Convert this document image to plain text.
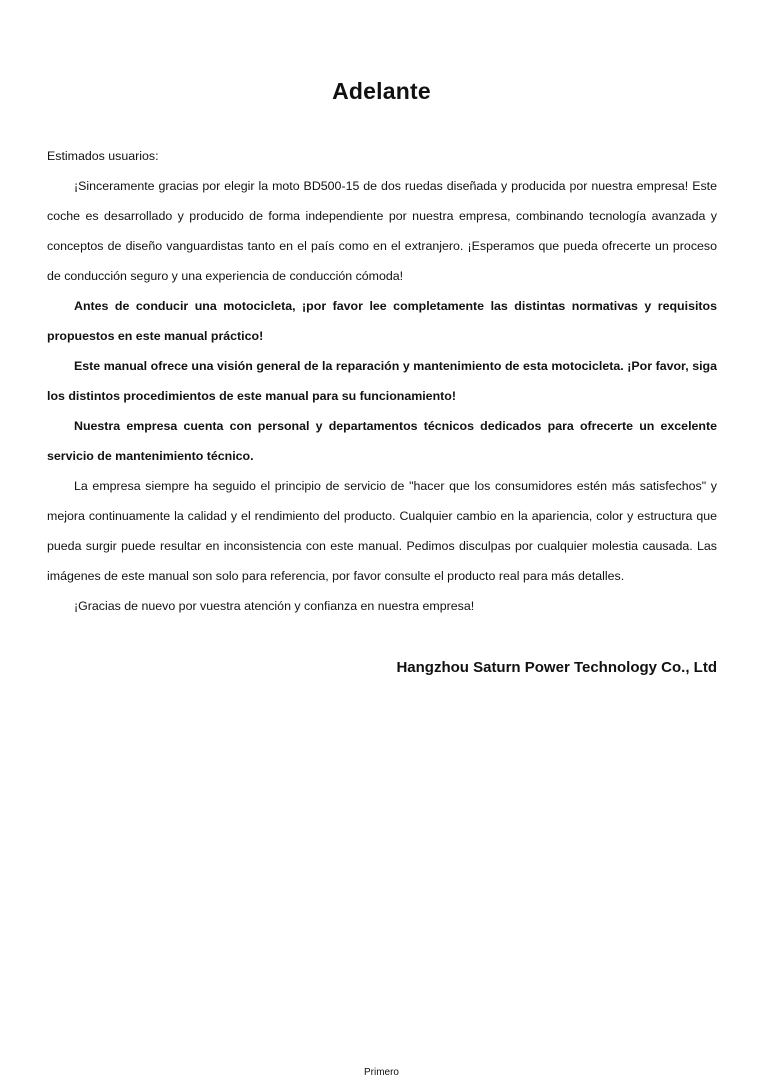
Adelante

Estimados usuarios:

¡Sinceramente gracias por elegir la moto BD500-15 de dos ruedas diseñada y producida por nuestra empresa! Este coche es desarrollado y producido de forma independiente por nuestra empresa, combinando tecnología avanzada y conceptos de diseño vanguardistas tanto en el país como en el extranjero. ¡Esperamos que pueda ofrecerte un proceso de conducción seguro y una experiencia de conducción cómoda!

Antes de conducir una motocicleta, ¡por favor lee completamente las distintas normativas y requisitos propuestos en este manual práctico!

Este manual ofrece una visión general de la reparación y mantenimiento de esta motocicleta. ¡Por favor, siga los distintos procedimientos de este manual para su funcionamiento!

Nuestra empresa cuenta con personal y departamentos técnicos dedicados para ofrecerte un excelente servicio de mantenimiento técnico.

La empresa siempre ha seguido el principio de servicio de "hacer que los consumidores estén más satisfechos" y mejora continuamente la calidad y el rendimiento del producto. Cualquier cambio en la apariencia, color y estructura que pueda surgir puede resultar en inconsistencia con este manual. Pedimos disculpas por cualquier molestia causada. Las imágenes de este manual son solo para referencia, por favor consulte el producto real para más detalles.

¡Gracias de nuevo por vuestra atención y confianza en nuestra empresa!

Hangzhou Saturn Power Technology Co., Ltd
Primero
